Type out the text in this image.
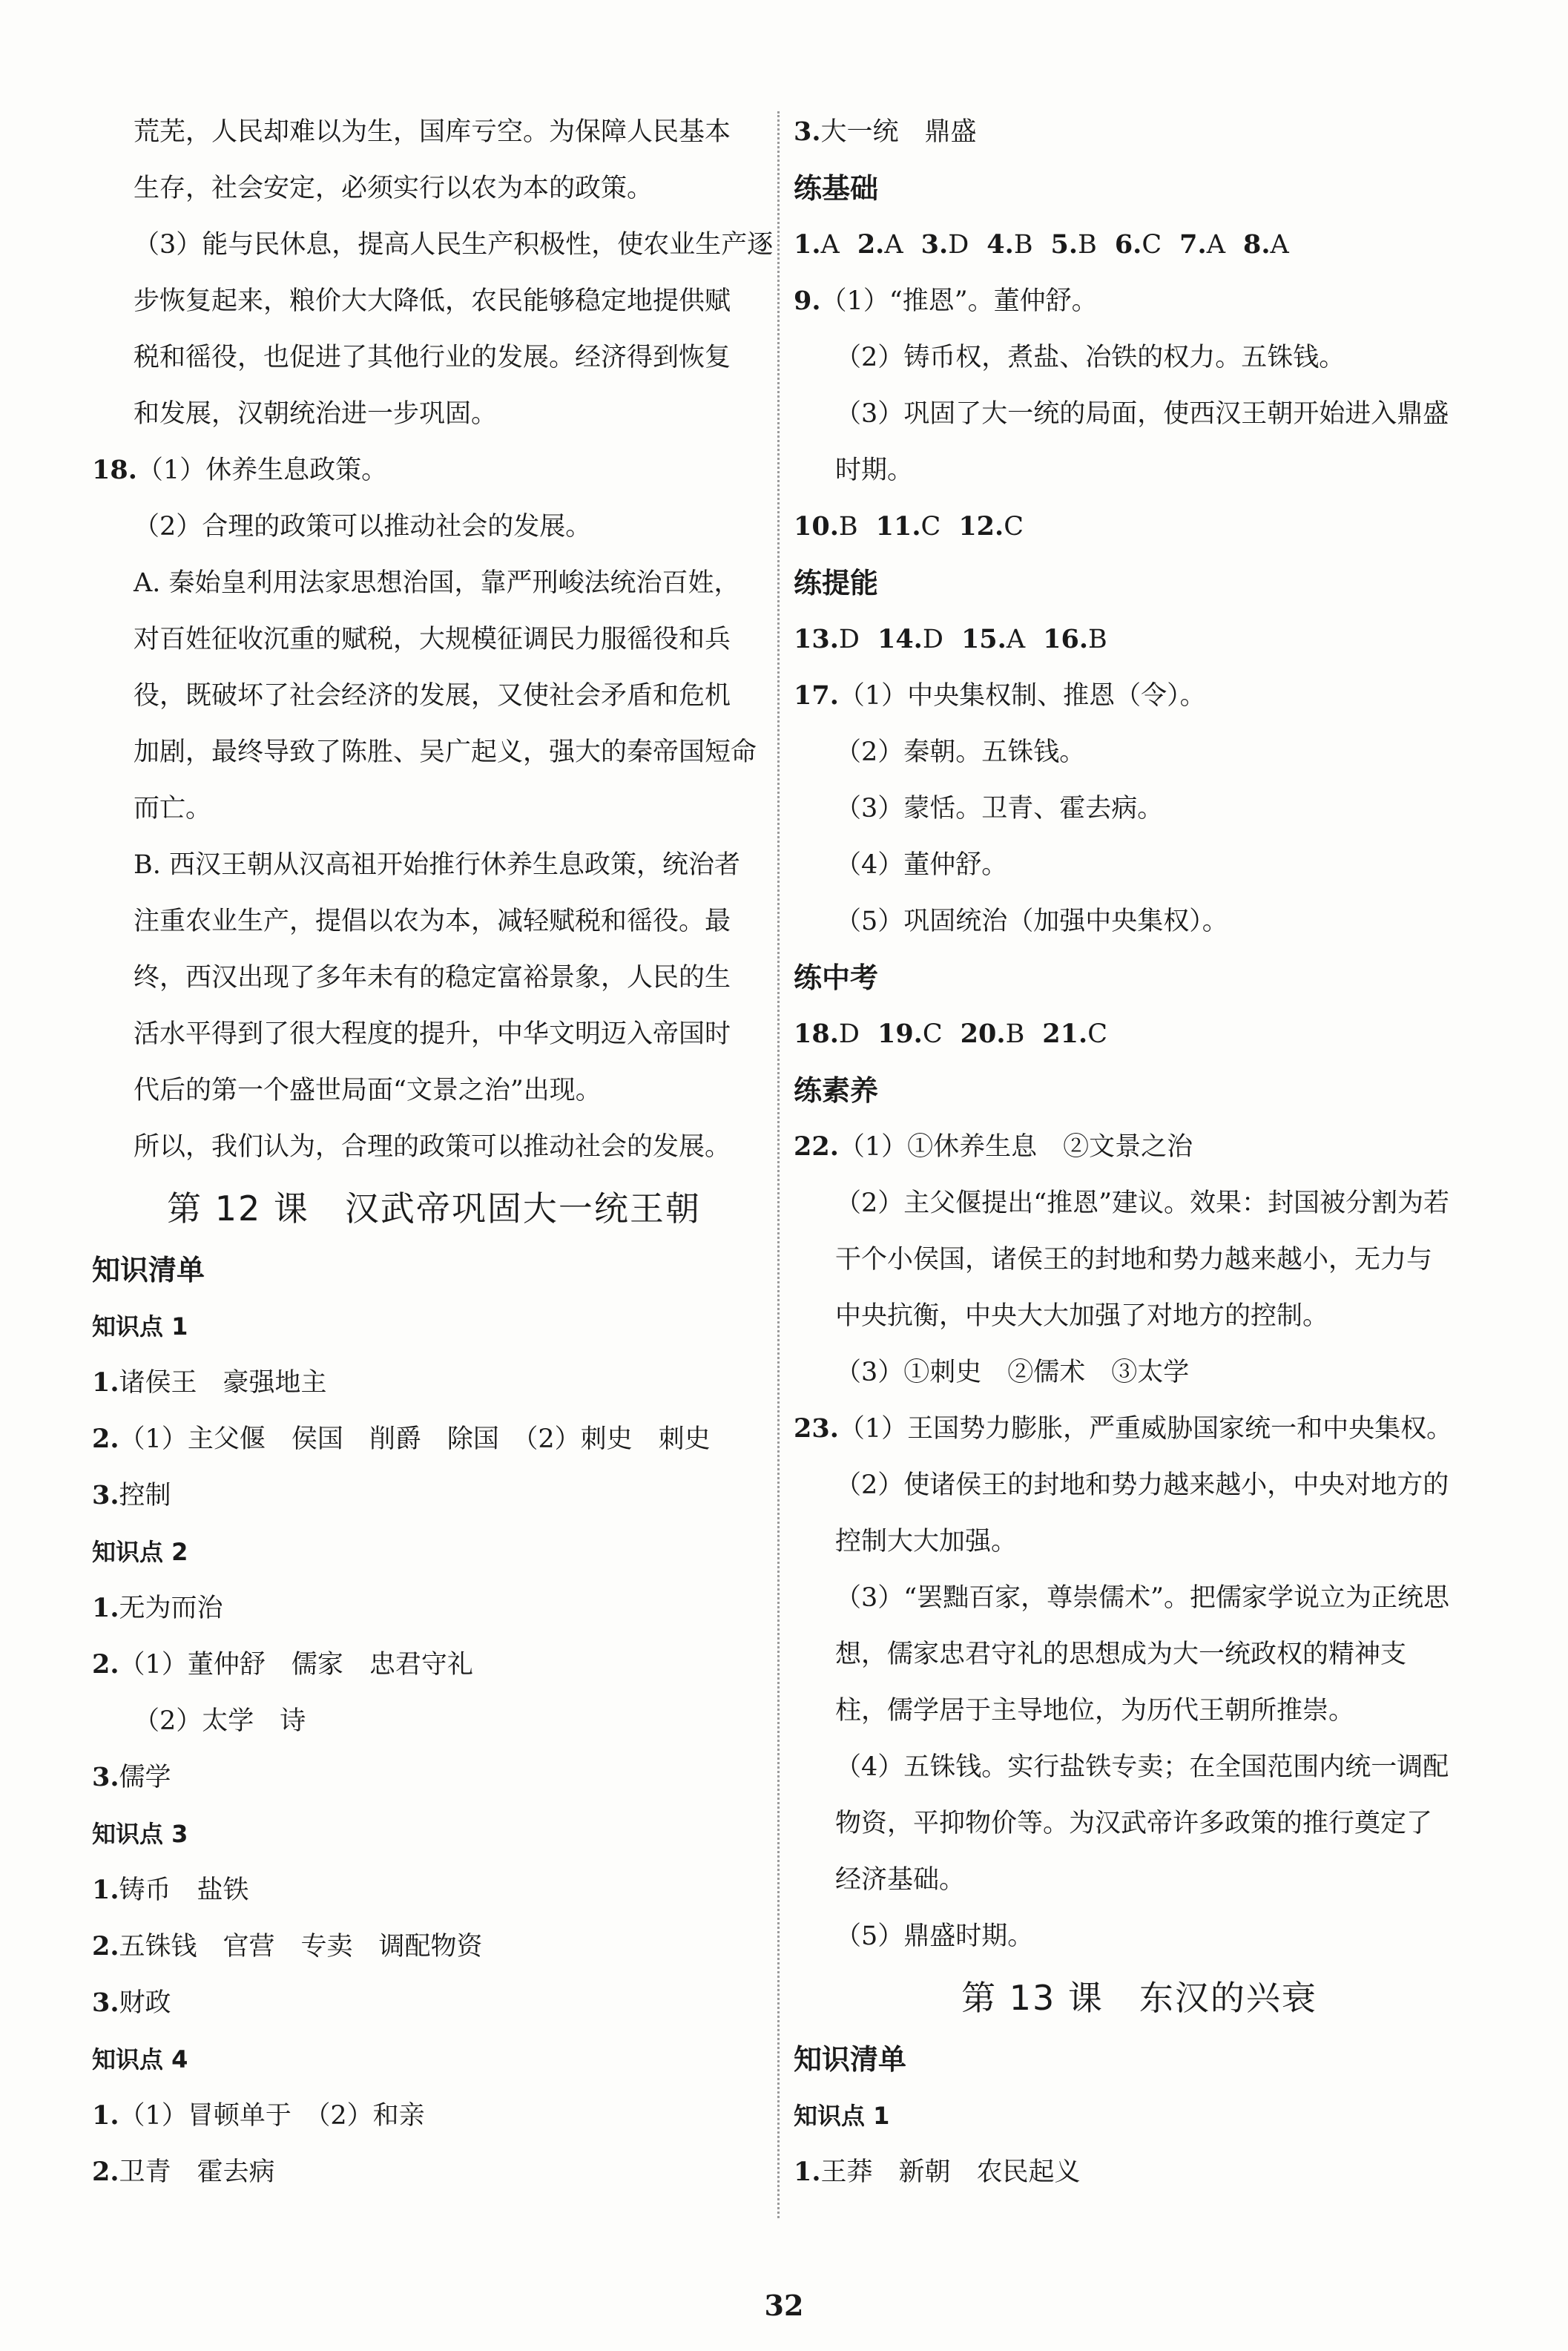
荒芜，人民却难以为生，国库亏空。为保障人民基本
生存，社会安定，必须实行以农为本的政策。
（3）能与民休息，提高人民生产积极性，使农业生产逐
步恢复起来，粮价大大降低，农民能够稳定地提供赋
税和徭役，也促进了其他行业的发展。经济得到恢复
和发展，汉朝统治进一步巩固。
18.（1）休养生息政策。
（2）合理的政策可以推动社会的发展。
A. 秦始皇利用法家思想治国，靠严刑峻法统治百姓，
对百姓征收沉重的赋税，大规模征调民力服徭役和兵
役，既破坏了社会经济的发展，又使社会矛盾和危机
加剧，最终导致了陈胜、吴广起义，强大的秦帝国短命
而亡。
B. 西汉王朝从汉高祖开始推行休养生息政策，统治者
注重农业生产，提倡以农为本，减轻赋税和徭役。最
终，西汉出现了多年未有的稳定富裕景象，人民的生
活水平得到了很大程度的提升，中华文明迈入帝国时
代后的第一个盛世局面“文景之治”出现。
所以，我们认为，合理的政策可以推动社会的发展。
第 12 课　汉武帝巩固大一统王朝
知识清单
知识点 1
1.诸侯王　豪强地主
2.（1）主父偃　侯国　削爵　除国　（2）刺史　刺史
3.控制
知识点 2
1.无为而治
2.（1）董仲舒　儒家　忠君守礼
（2）太学　诗
3.儒学
知识点 3
1.铸币　盐铁
2.五铢钱　官营　专卖　调配物资
3.财政
知识点 4
1.（1）冒顿单于　（2）和亲
2.卫青　霍去病
3.大一统　鼎盛
练基础
1.A 2.A 3.D 4.B 5.B 6.C 7.A 8.A
9.（1）“推恩”。董仲舒。
（2）铸币权，煮盐、冶铁的权力。五铢钱。
（3）巩固了大一统的局面，使西汉王朝开始进入鼎盛
时期。
10.B 11.C 12.C
练提能
13.D 14.D 15.A 16.B
17.（1）中央集权制、推恩（令）。
（2）秦朝。五铢钱。
（3）蒙恬。卫青、霍去病。
（4）董仲舒。
（5）巩固统治（加强中央集权）。
练中考
18.D 19.C 20.B 21.C
练素养
22.（1）①休养生息　②文景之治
（2）主父偃提出“推恩”建议。效果：封国被分割为若
干个小侯国，诸侯王的封地和势力越来越小，无力与
中央抗衡，中央大大加强了对地方的控制。
（3）①刺史　②儒术　③太学
23.（1）王国势力膨胀，严重威胁国家统一和中央集权。
（2）使诸侯王的封地和势力越来越小，中央对地方的
控制大大加强。
（3）“罢黜百家，尊崇儒术”。把儒家学说立为正统思
想，儒家忠君守礼的思想成为大一统政权的精神支
柱，儒学居于主导地位，为历代王朝所推崇。
（4）五铢钱。实行盐铁专卖；在全国范围内统一调配
物资，平抑物价等。为汉武帝许多政策的推行奠定了
经济基础。
（5）鼎盛时期。
第 13 课　东汉的兴衰
知识清单
知识点 1
1.王莽　新朝　农民起义
32
